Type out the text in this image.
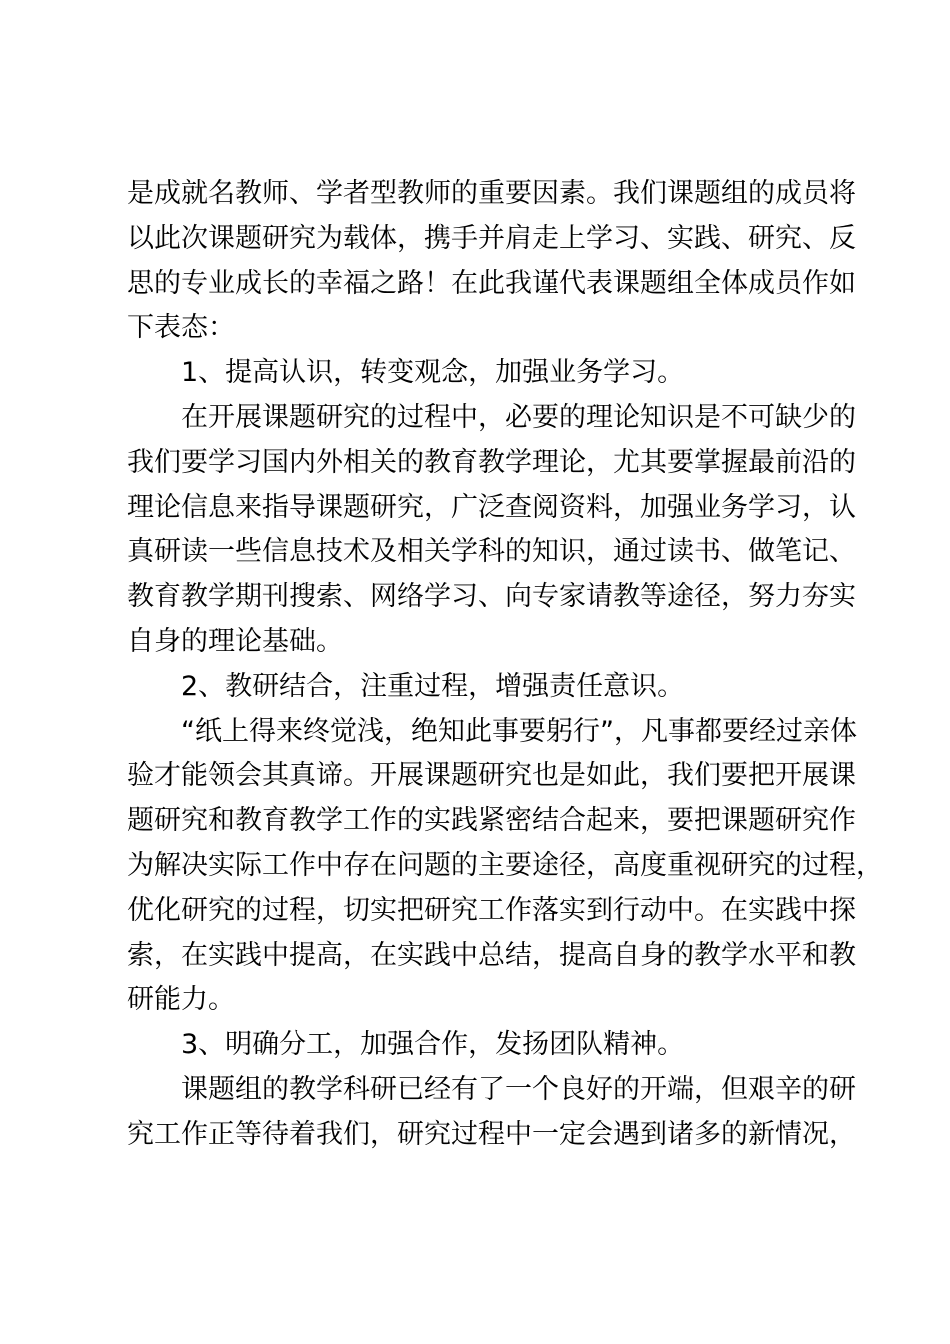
是成就名教师、学者型教师的重要因素。我们课题组的成员将
以此次课题研究为载体，携手并肩走上学习、实践、研究、反
思的专业成长的幸福之路！在此我谨代表课题组全体成员作如
下表态：

1、提高认识，转变观念，加强业务学习。

在开展课题研究的过程中，必要的理论知识是不可缺少的
我们要学习国内外相关的教育教学理论，尤其要掌握最前沿的
理论信息来指导课题研究，广泛查阅资料，加强业务学习，认
真研读一些信息技术及相关学科的知识，通过读书、做笔记、
教育教学期刊搜索、网络学习、向专家请教等途径，努力夯实
自身的理论基础。

2、教研结合，注重过程，增强责任意识。

“纸上得来终觉浅，绝知此事要躬行”，凡事都要经过亲体
验才能领会其真谛。开展课题研究也是如此，我们要把开展课
题研究和教育教学工作的实践紧密结合起来，要把课题研究作
为解决实际工作中存在问题的主要途径，高度重视研究的过程，
优化研究的过程，切实把研究工作落实到行动中。在实践中探
索，在实践中提高，在实践中总结，提高自身的教学水平和教
研能力。

3、明确分工，加强合作，发扬团队精神。

课题组的教学科研已经有了一个良好的开端，但艰辛的研
究工作正等待着我们，研究过程中一定会遇到诸多的新情况，
